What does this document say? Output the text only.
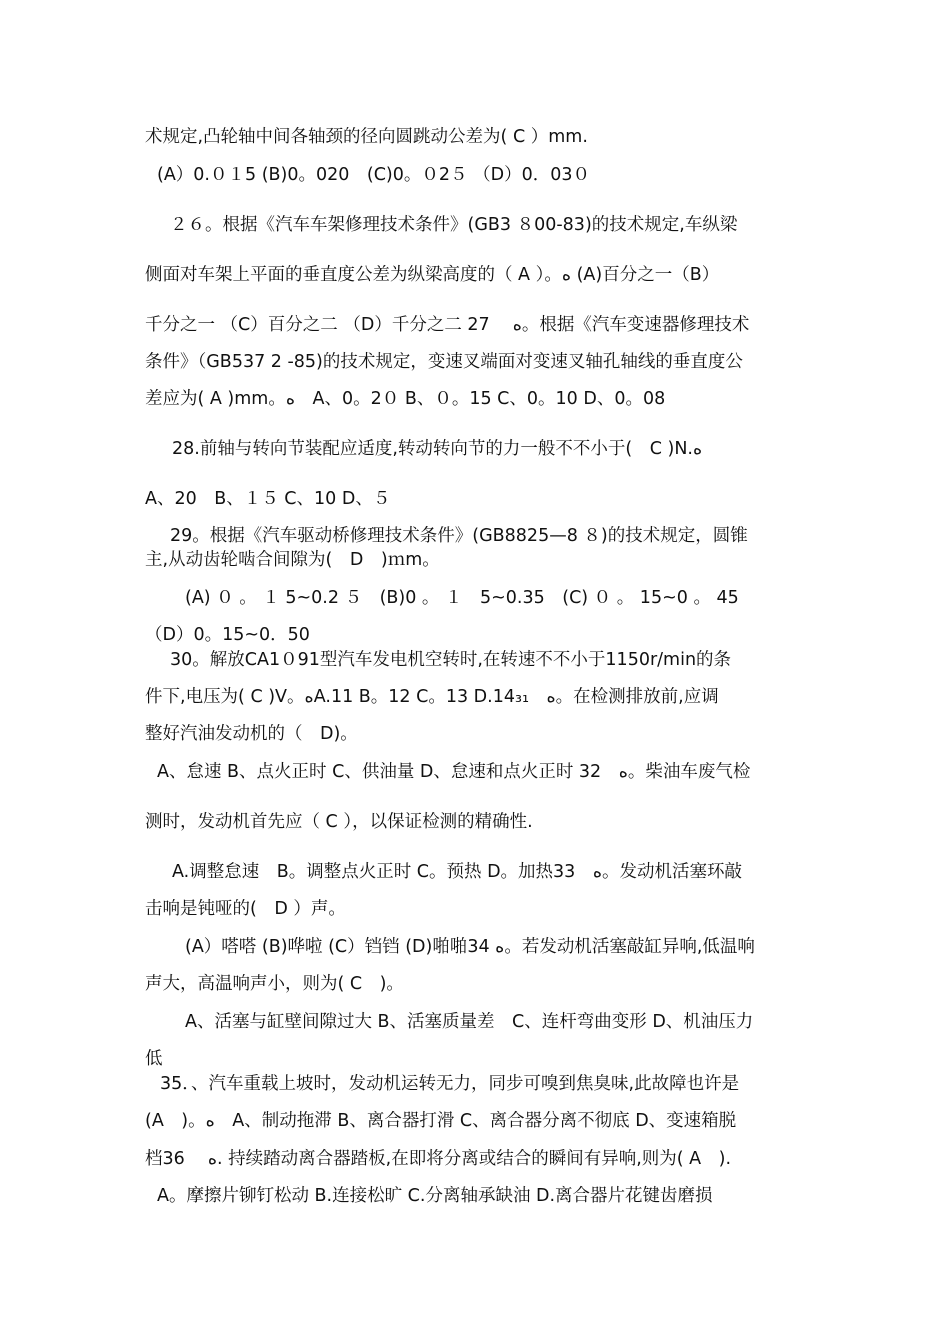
术规定,凸轮轴中间各轴颈的径向圆跳动公差为( C ）mm.
(A）0.０１5 (B)0。020　(C)0。０2５ （D）0．03０
２６。根据《汽车车架修理技术条件》(GB3 ８00-83)的技术规定,车纵梁
侧面对车架上平面的垂直度公差为纵梁高度的（ A ）。ﻩ (A)百分之一（B）
千分之一 （C）百分之二 （D）千分之二 27　 ﻩ。根据《汽车变速器修理技术
条件》（GB537 2 -85)的技术规定，变速叉端面对变速叉轴孔轴线的垂直度公
差应为( A )mm。ﻩ　A、0。2０ B、０。15 C、0。10 D、0。08
28.前轴与转向节装配应适度,转动转向节的力一般不不小于(　C )N.ﻩ
A、20　B、１５ C、10 D、５
29。根据《汽车驱动桥修理技术条件》(GB8825—8 ８)的技术规定，圆锥
主,从动齿轮啮合间隙为(　D　)ｍm。
(A) ０ 。 １ 5~0.2 ５　(B)0 。 １　5~0.35　(C) ０ 。 15~0 。 45
（D）0。15~0．50
30。解放CA1０91型汽车发电机空转时,在转速不不小于1150r/min的条
件下,电压为( C )V。ﻩA.11 B。12 C。13 D.14₃₁　ﻩ。在检测排放前,应调
整好汽油发动机的（　D)。
A、怠速 B、点火正时 C、供油量 D、怠速和点火正时 32　ﻩ。柴油车废气检
测时，发动机首先应（ C ），以保证检测的精确性.
A.调整怠速　B。调整点火正时 C。预热 D。加热33　ﻩ。发动机活塞环敲
击响是钝哑的(　D ）声。
(A）嗒嗒 (B)哗啦 (C）铛铛 (D)啪啪34 ﻩ。若发动机活塞敲缸异响,低温响
声大，高温响声小，则为( C　)。
A、活塞与缸壁间隙过大 B、活塞质量差　C、连杆弯曲变形 D、机油压力
低
35．、汽车重载上坡时，发动机运转无力，同步可嗅到焦臭味,此故障也许是
(A　)。ﻩ　A、制动拖滞 B、离合器打滑 C、离合器分离不彻底 D、变速箱脱
档36　 ﻩ. 持续踏动离合器踏板,在即将分离或结合的瞬间有异响,则为( A　).
A。摩擦片铆钉松动 B.连接松旷 C.分离轴承缺油 D.离合器片花键齿磨损
